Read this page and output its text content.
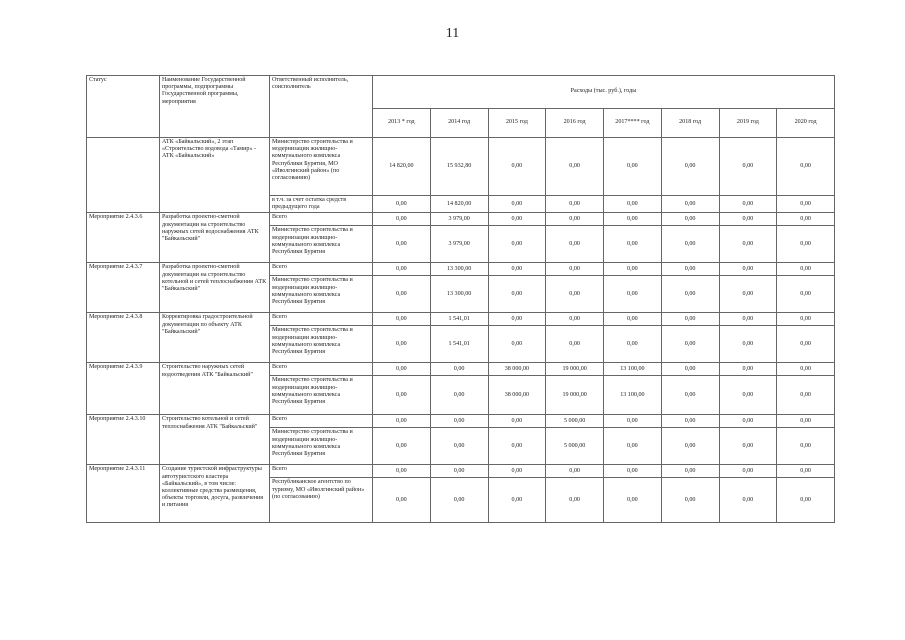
11
Статус	Наименование Государственной программы, подпрограммы Государственной программы, мероприятия	Ответственный исполнитель, соисполнитель	Расходы (тыс. руб.), годы							
			2013 * год	2014 год	2015 год	2016 год	2017**** год	2018 год	2019 год	2020 год
	АТК «Байкальский», 2 этап «Строительство водовода «Тамир» - АТК «Байкальский»	Министерство строительства и модернизации жилищно-коммунального комплекса Республики Бурятия, МО «Иволгинский район» (по согласованию)	14 820,00	15 932,80	0,00	0,00	0,00	0,00	0,00	0,00
		в т.ч. за счет остатка средств предыдущего года	0,00	14 820,00	0,00	0,00	0,00	0,00	0,00	0,00
Мероприятие 2.4.3.6	Разработка проектно-сметной документации на строительство наружных сетей водоснабжения АТК "Байкальский"	Всего	0,00	3 979,00	0,00	0,00	0,00	0,00	0,00	0,00
		Министерство строительства и модернизации жилищно-коммунального комплекса Республики Бурятия	0,00	3 979,00	0,00	0,00	0,00	0,00	0,00	0,00
Мероприятие 2.4.3.7	Разработка проектно-сметной документации на строительство котельной и сетей теплоснабжения АТК "Байкальский"	Всего	0,00	13 300,00	0,00	0,00	0,00	0,00	0,00	0,00
		Министерство строительства и модернизации жилищно-коммунального комплекса Республики Бурятия	0,00	13 300,00	0,00	0,00	0,00	0,00	0,00	0,00
Мероприятие 2.4.3.8	Корректировка градостроительной документации по объекту АТК "Байкальский"	Всего	0,00	1 541,01	0,00	0,00	0,00	0,00	0,00	0,00
		Министерство строительства и модернизации жилищно-коммунального комплекса Республики Бурятия	0,00	1 541,01	0,00	0,00	0,00	0,00	0,00	0,00
Мероприятие 2.4.3.9	Строительство наружных сетей водоотведения АТК "Байкальский"	Всего	0,00	0,00	38 000,00	19 000,00	13 100,00	0,00	0,00	0,00
		Министерство строительства и модернизации жилищно-коммунального комплекса Республики Бурятия	0,00	0,00	38 000,00	19 000,00	13 100,00	0,00	0,00	0,00
Мероприятие 2.4.3.10	Строительство котельной и сетей теплоснабжения АТК "Байкальский"	Всего	0,00	0,00	0,00	5 000,00	0,00	0,00	0,00	0,00
		Министерство строительства и модернизации жилищно-коммунального комплекса Республики Бурятия	0,00	0,00	0,00	5 000,00	0,00	0,00	0,00	0,00
Мероприятие 2.4.3.11	Создание туристской инфраструктуры автотуристского кластера «Байкальский», в том числе: коллективные средства размещения, объекты торговли, досуга, развлечения и питания	Всего	0,00	0,00	0,00	0,00	0,00	0,00	0,00	0,00
		Республиканское агентство по туризму, МО «Иволгинский район» (по согласованию)	0,00	0,00	0,00	0,00	0,00	0,00	0,00	0,00
